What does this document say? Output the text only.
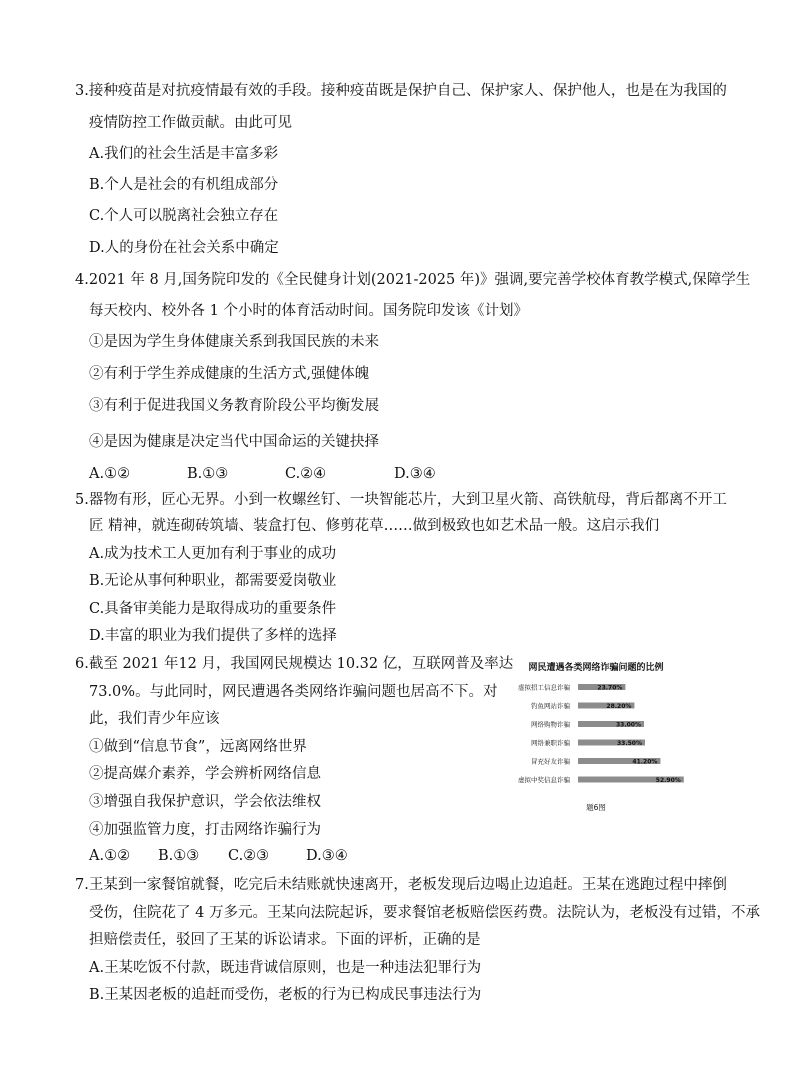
3.接种疫苗是对抗疫情最有效的手段。接种疫苗既是保护自己、保护家人、保护他人，也是在为我国的
疫情防控工作做贡献。由此可见
A.我们的社会生活是丰富多彩
B.个人是社会的有机组成部分
C.个人可以脱离社会独立存在
D.人的身份在社会关系中确定
4.2021 年 8 月,国务院印发的《全民健身计划(2021-2025 年)》强调,要完善学校体育教学模式,保障学生
每天校内、校外各 1 个小时的体育活动时间。国务院印发该《计划》
①是因为学生身体健康关系到我国民族的未来
②有利于学生养成健康的生活方式,强健体魄
③有利于促进我国义务教育阶段公平均衡发展
④是因为健康是决定当代中国命运的关键抉择
A.①②	B.①③	C.②④	D.③④
5.器物有形，匠心无界。小到一枚螺丝钉、一块智能芯片，大到卫星火箭、高铁航母，背后都离不开工
匠 精神，就连砌砖筑墙、装盒打包、修剪花草……做到极致也如艺术品一般。这启示我们
A.成为技术工人更加有利于事业的成功
B.无论从事何种职业，都需要爱岗敬业
C.具备审美能力是取得成功的重要条件
D.丰富的职业为我们提供了多样的选择
6.截至 2021 年12 月，我国网民规模达 10.32 亿，互联网普及率达
73.0%。与此同时，网民遭遇各类网络诈骗问题也居高不下。对
此，我们青少年应该
①做到“信息节食”，远离网络世界
②提高媒介素养，学会辨析网络信息
③增强自我保护意识，学会依法维权
④加强监管力度，打击网络诈骗行为
A.①② B.①③ C.②③	D.③④
网民遭遇各类网络诈骗问题的比例
虚拟招工信息诈骗	23.70%
钓鱼网站诈骗	28.20%
网络购物诈骗	33.00%
网络兼职诈骗	33.50%
冒充好友诈骗	41.20%
虚拟中奖信息诈骗	52.90%
题6图
7.王某到一家餐馆就餐，吃完后未结账就快速离开，老板发现后边喝止边追赶。王某在逃跑过程中摔倒
受伤，住院花了 4 万多元。王某向法院起诉，要求餐馆老板赔偿医药费。法院认为，老板没有过错，不承
担赔偿责任，驳回了王某的诉讼请求。下面的评析，正确的是
A.王某吃饭不付款，既违背诚信原则，也是一种违法犯罪行为
B.王某因老板的追赶而受伤，老板的行为已构成民事违法行为
